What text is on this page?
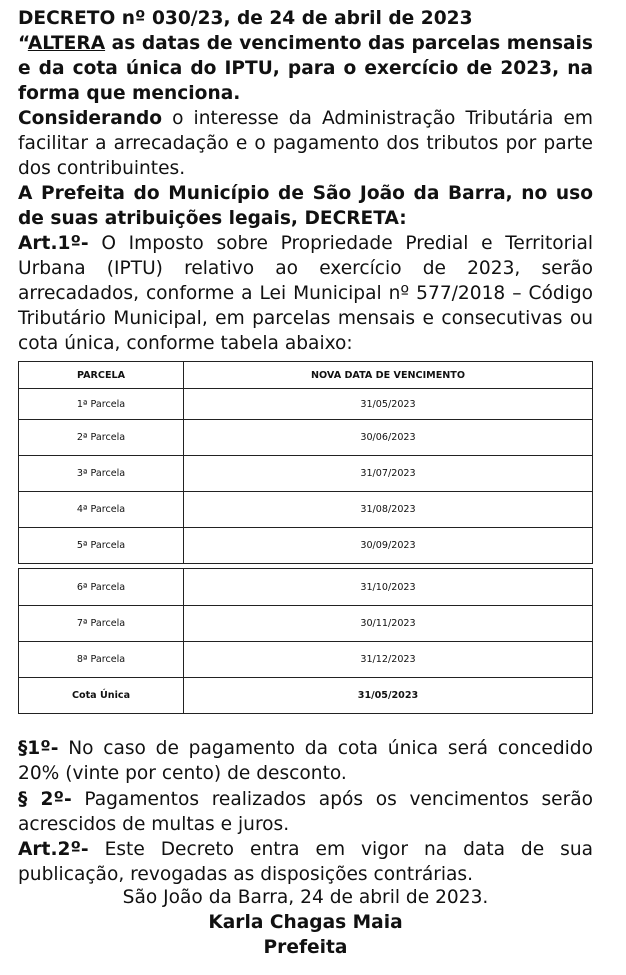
DECRETO nº 030/23, de 24 de abril de 2023
“ALTERA as datas de vencimento das parcelas mensais e da cota única do IPTU, para o exercício de 2023, na forma que menciona.
Considerando o interesse da Administração Tributária em facilitar a arrecadação e o pagamento dos tributos por parte dos contribuintes.
A Prefeita do Município de São João da Barra, no uso de suas atribuições legais, DECRETA:
Art.1º- O Imposto sobre Propriedade Predial e Territorial Urbana (IPTU) relativo ao exercício de 2023, serão arrecadados, conforme a Lei Municipal nº 577/2018 – Código Tributário Municipal, em parcelas mensais e consecutivas ou cota única, conforme tabela abaixo:
PARCELA	NOVA DATA DE VENCIMENTO
1ª Parcela	31/05/2023
2ª Parcela	30/06/2023
3ª Parcela	31/07/2023
4ª Parcela	31/08/2023
5ª Parcela	30/09/2023
6ª Parcela	31/10/2023
7ª Parcela	30/11/2023
8ª Parcela	31/12/2023
Cota Única	31/05/2023
§1º- No caso de pagamento da cota única será concedido 20% (vinte por cento) de desconto.
§ 2º- Pagamentos realizados após os vencimentos serão acrescidos de multas e juros.
Art.2º- Este Decreto entra em vigor na data de sua publicação, revogadas as disposições contrárias.
São João da Barra, 24 de abril de 2023.
Karla Chagas Maia
Prefeita
